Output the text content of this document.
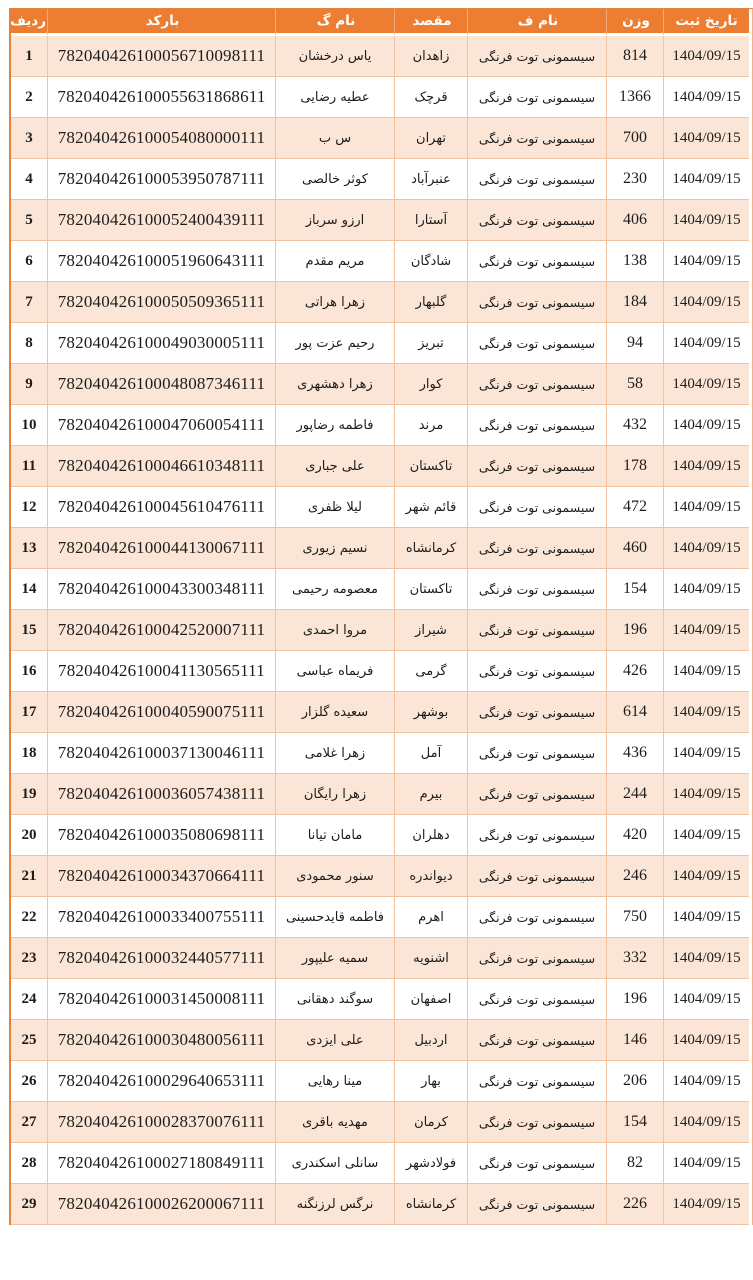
ردیف	بارکد	نام گ	مقصد	نام ف	وزن	تاریخ ثبت
1	782040426100056710098111	یاس درخشان	زاهدان	سیسمونی توت فرنگی	814	1404/09/15
2	782040426100055631868611	عطیه رضایی	قرچک	سیسمونی توت فرنگی	1366	1404/09/15
3	782040426100054080000111	س ب	تهران	سیسمونی توت فرنگی	700	1404/09/15
4	782040426100053950787111	کوثر خالصی	عنبرآباد	سیسمونی توت فرنگی	230	1404/09/15
5	782040426100052400439111	ارزو سرباز	آستارا	سیسمونی توت فرنگی	406	1404/09/15
6	782040426100051960643111	مریم مقدم	شادگان	سیسمونی توت فرنگی	138	1404/09/15
7	782040426100050509365111	زهرا هراتی	گلبهار	سیسمونی توت فرنگی	184	1404/09/15
8	782040426100049030005111	رحیم عزت پور	تبریز	سیسمونی توت فرنگی	94	1404/09/15
9	782040426100048087346111	زهرا دهشهری	کوار	سیسمونی توت فرنگی	58	1404/09/15
10	782040426100047060054111	فاطمه رضاپور	مرند	سیسمونی توت فرنگی	432	1404/09/15
11	782040426100046610348111	علی جباری	تاکستان	سیسمونی توت فرنگی	178	1404/09/15
12	782040426100045610476111	لیلا ظفری	قائم شهر	سیسمونی توت فرنگی	472	1404/09/15
13	782040426100044130067111	نسیم زیوری	کرمانشاه	سیسمونی توت فرنگی	460	1404/09/15
14	782040426100043300348111	معصومه رحیمی	تاکستان	سیسمونی توت فرنگی	154	1404/09/15
15	782040426100042520007111	مروا احمدی	شیراز	سیسمونی توت فرنگی	196	1404/09/15
16	782040426100041130565111	فریماه عباسی	گرمی	سیسمونی توت فرنگی	426	1404/09/15
17	782040426100040590075111	سعیده گلزار	بوشهر	سیسمونی توت فرنگی	614	1404/09/15
18	782040426100037130046111	زهرا غلامی	آمل	سیسمونی توت فرنگی	436	1404/09/15
19	782040426100036057438111	زهرا رایگان	بیرم	سیسمونی توت فرنگی	244	1404/09/15
20	782040426100035080698111	مامان تیانا	دهلران	سیسمونی توت فرنگی	420	1404/09/15
21	782040426100034370664111	سنور محمودی	دیواندره	سیسمونی توت فرنگی	246	1404/09/15
22	782040426100033400755111	فاطمه قایدحسینی	اهرم	سیسمونی توت فرنگی	750	1404/09/15
23	782040426100032440577111	سمیه علیپور	اشنویه	سیسمونی توت فرنگی	332	1404/09/15
24	782040426100031450008111	سوگند دهقانی	اصفهان	سیسمونی توت فرنگی	196	1404/09/15
25	782040426100030480056111	علی ایزدی	اردبیل	سیسمونی توت فرنگی	146	1404/09/15
26	782040426100029640653111	مینا رهایی	بهار	سیسمونی توت فرنگی	206	1404/09/15
27	782040426100028370076111	مهدیه باقری	کرمان	سیسمونی توت فرنگی	154	1404/09/15
28	782040426100027180849111	سانلی اسکندری	فولادشهر	سیسمونی توت فرنگی	82	1404/09/15
29	782040426100026200067111	نرگس لرزنگنه	کرمانشاه	سیسمونی توت فرنگی	226	1404/09/15
